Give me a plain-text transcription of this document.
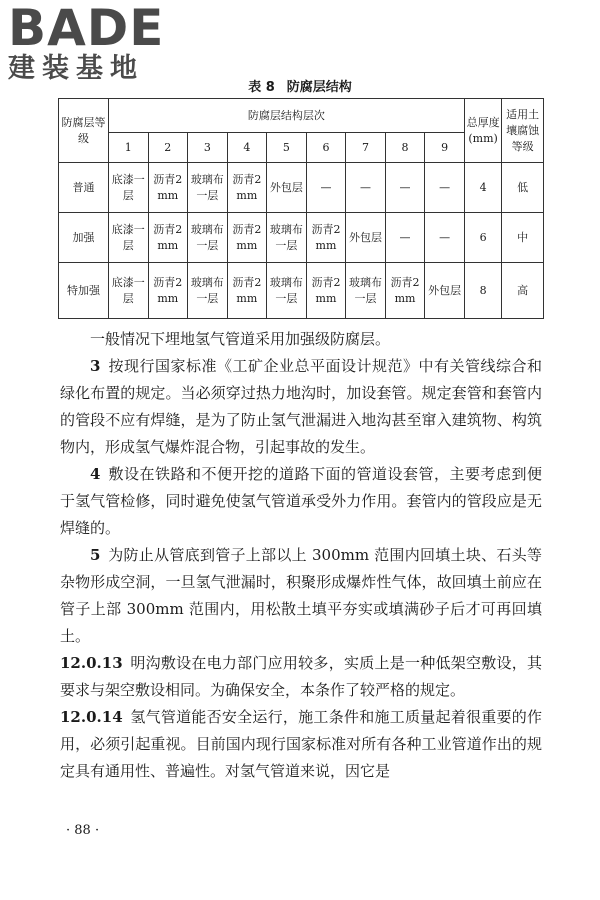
BADE
建装基地
表 8 防腐层结构
防腐层等级	防腐层结构层次									总厚度(mm)	适用土壤腐蚀等级
	1	2	3	4	5	6	7	8	9		
普通	底漆一层	沥青2mm	玻璃布一层	沥青2mm	外包层	—	—	—	—	4	低
加强	底漆一层	沥青2mm	玻璃布一层	沥青2mm	玻璃布一层	沥青2mm	外包层	—	—	6	中
特加强	底漆一层	沥青2mm	玻璃布一层	沥青2mm	玻璃布一层	沥青2mm	玻璃布一层	沥青2mm	外包层	8	高

一般情况下埋地氢气管道采用加强级防腐层。

3  按现行国家标准《工矿企业总平面设计规范》中有关管线综合和绿化布置的规定。当必须穿过热力地沟时，加设套管。规定套管和套管内的管段不应有焊缝，是为了防止氢气泄漏进入地沟甚至窜入建筑物、构筑物内，形成氢气爆炸混合物，引起事故的发生。

4  敷设在铁路和不便开挖的道路下面的管道设套管，主要考虑到便于氢气管检修，同时避免使氢气管道承受外力作用。套管内的管段应是无焊缝的。

5  为防止从管底到管子上部以上 300mm 范围内回填土块、石头等杂物形成空洞，一旦氢气泄漏时，积聚形成爆炸性气体，故回填土前应在管子上部 300mm 范围内，用松散土填平夯实或填满砂子后才可再回填土。

12.0.13  明沟敷设在电力部门应用较多，实质上是一种低架空敷设，其要求与架空敷设相同。为确保安全，本条作了较严格的规定。

12.0.14  氢气管道能否安全运行，施工条件和施工质量起着很重要的作用，必须引起重视。目前国内现行国家标准对所有各种工业管道作出的规定具有通用性、普遍性。对氢气管道来说，因它是

· 88 ·
